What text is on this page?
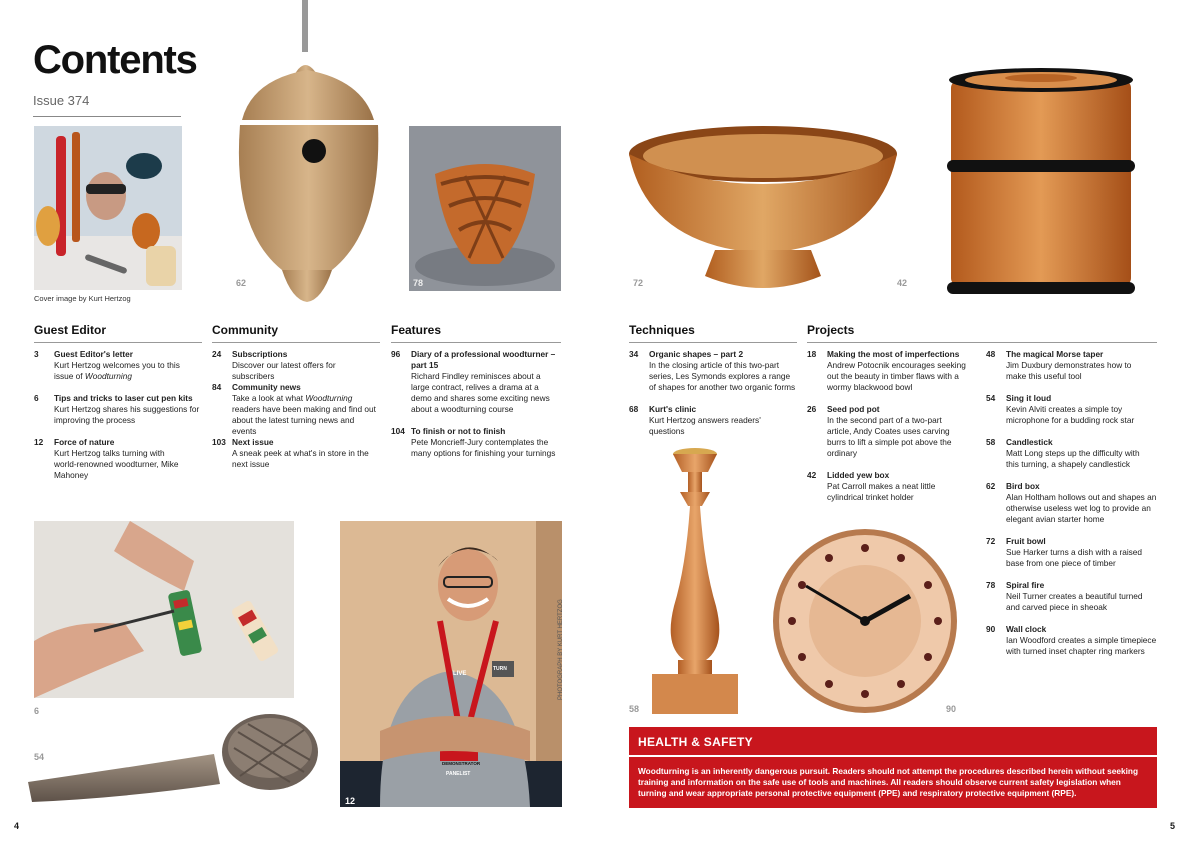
Contents
Issue 374
Cover image by Kurt Hertzog
62	78	72	42
Guest Editor	Community	Features	Techniques	Projects
3 Guest Editor's letter
Kurt Hertzog welcomes you to this issue of Woodturning
6 Tips and tricks to laser cut pen kits
Kurt Hertzog shares his suggestions for improving the process
12 Force of nature
Kurt Hertzog talks turning with world-renowned woodturner, Mike Mahoney
24 Subscriptions
Discover our latest offers for subscribers
84 Community news
Take a look at what Woodturning readers have been making and find out about the latest turning news and events
103 Next issue
A sneak peek at what's in store in the next issue
96 Diary of a professional woodturner – part 15
Richard Findley reminisces about a large contract, relives a drama at a demo and shares some exciting news about a woodturning course
104 To finish or not to finish
Pete Moncrieff-Jury contemplates the many options for finishing your turnings
34 Organic shapes – part 2
In the closing article of this two-part series, Les Symonds explores a range of shapes for another two organic forms
68 Kurt's clinic
Kurt Hertzog answers readers' questions
18 Making the most of imperfections
Andrew Potocnik encourages seeking out the beauty in timber flaws with a wormy blackwood bowl
26 Seed pod pot
In the second part of a two-part article, Andy Coates uses carving burrs to lift a simple pot above the ordinary
42 Lidded yew box
Pat Carroll makes a neat little cylindrical trinket holder
48 The magical Morse taper
Jim Duxbury demonstrates how to make this useful tool
54 Sing it loud
Kevin Alviti creates a simple toy microphone for a budding rock star
58 Candlestick
Matt Long steps up the difficulty with this turning, a shapely candlestick
62 Bird box
Alan Holtham hollows out and shapes an otherwise useless wet log to provide an elegant avian starter home
72 Fruit bowl
Sue Harker turns a dish with a raised base from one piece of timber
78 Spiral fire
Neil Turner creates a beautiful turned and carved piece in sheoak
90 Wall clock
Ian Woodford creates a simple timepiece with turned inset chapter ring markers
6
54
LIVE
DEMONSTRATOR
PANELIST
TURN
12
PHOTOGRAPH BY KURT HERTZOG
58	90
HEALTH & SAFETY
Woodturning is an inherently dangerous pursuit. Readers should not attempt the procedures described herein without seeking training and information on the safe use of tools and machines. All readers should observe current safety legislation when turning and wear appropriate personal protective equipment (PPE) and respiratory protective equipment (RPE).
4	5
